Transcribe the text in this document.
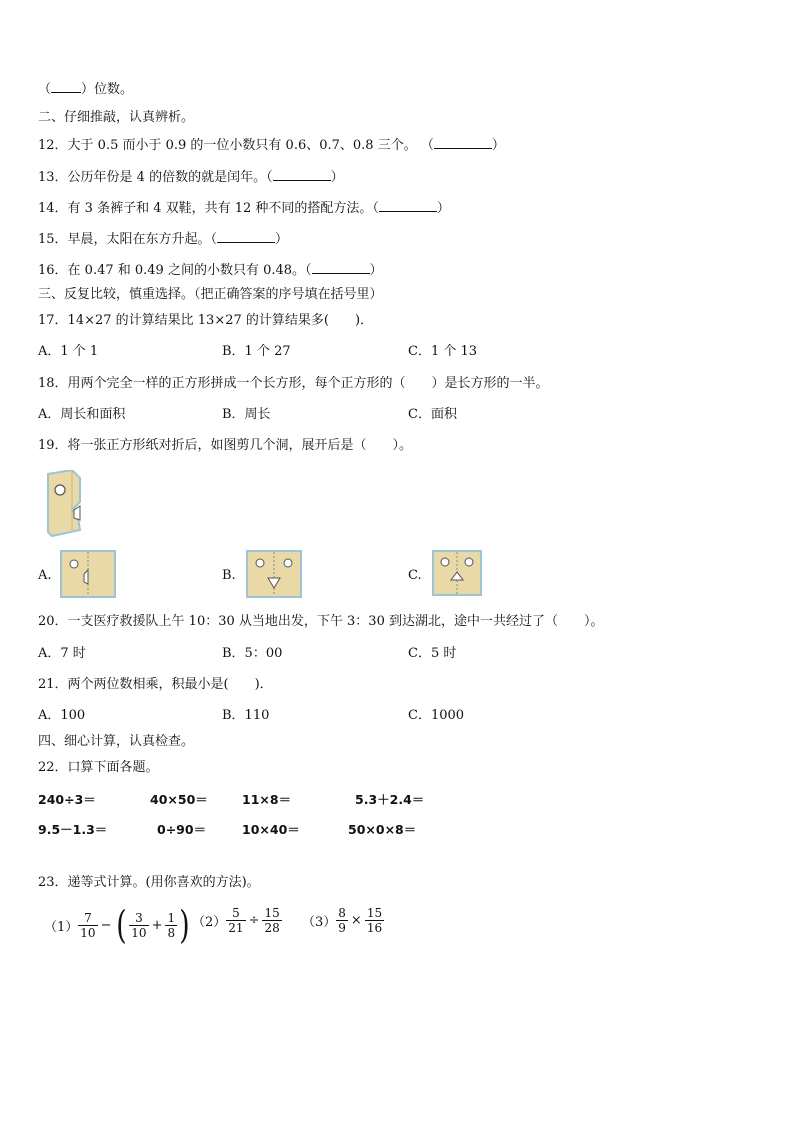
（ ）位数。
二、仔细推敲，认真辨析。
12．大于 0.5 而小于 0.9 的一位小数只有 0.6、0.7、0.8 三个。 （	）
13．公历年份是 4 的倍数的就是闰年。（	）
14．有 3 条裤子和 4 双鞋，共有 12 种不同的搭配方法。（	）
15．早晨，太阳在东方升起。（	）
16．在 0.47 和 0.49 之间的小数只有 0.48。（	）
三、反复比较，慎重选择。（把正确答案的序号填在括号里）
17．14×27 的计算结果比 13×27 的计算结果多(　　)．
A．1 个 1	B．1 个 27	C．1 个 13
18．用两个完全一样的正方形拼成一个长方形，每个正方形的（　　）是长方形的一半。
A．周长和面积	B．周长	C．面积
19．将一张正方形纸对折后，如图剪几个洞，展开后是（　　）。
A.	B.	C.
20．一支医疗救援队上午 10：30 从当地出发，下午 3：30 到达湖北，途中一共经过了（　　）。
A．7 时	B．5：00	C．5 时
21．两个两位数相乘，积最小是(　　)．
A．100	B．110	C．1000
四、细心计算，认真检查。
22．口算下面各题。
240÷3＝	40×50＝	11×8＝	5.3＋2.4＝
9.5－1.3＝	0÷90＝	10×40＝	50×0×8＝
23．递等式计算。(用你喜欢的方法)。
$(1) \frac{7}{10}$ − ( $\frac{3}{10} + \frac{1}{8}$ ) $(2) \frac{5}{21} \div \frac{15}{28} (3) \frac{8}{9} \times \frac{15}{16}$
